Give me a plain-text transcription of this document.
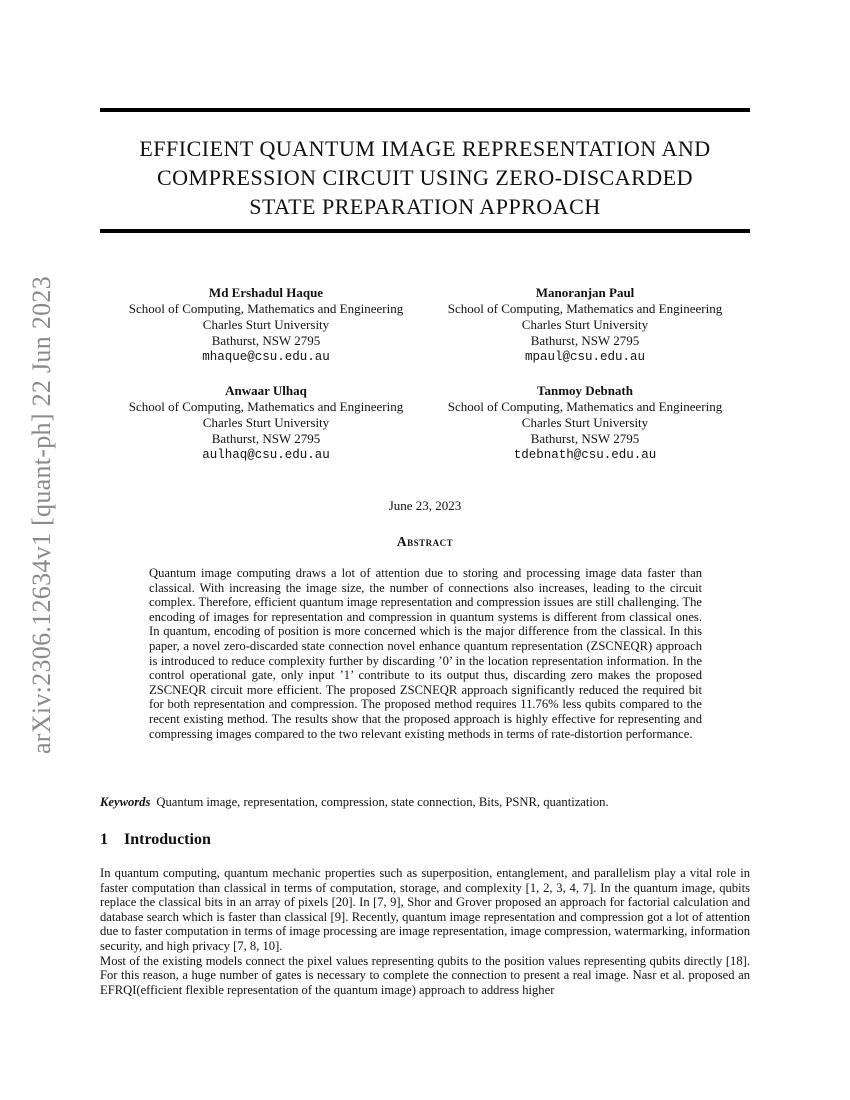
arXiv:2306.12634v1 [quant-ph] 22 Jun 2023
EFFICIENT QUANTUM IMAGE REPRESENTATION AND
COMPRESSION CIRCUIT USING ZERO-DISCARDED
STATE PREPARATION APPROACH
Md Ershadul Haque
School of Computing, Mathematics and Engineering
Charles Sturt University
Bathurst, NSW 2795
mhaque@csu.edu.au
Manoranjan Paul
School of Computing, Mathematics and Engineering
Charles Sturt University
Bathurst, NSW 2795
mpaul@csu.edu.au
Anwaar Ulhaq
School of Computing, Mathematics and Engineering
Charles Sturt University
Bathurst, NSW 2795
aulhaq@csu.edu.au
Tanmoy Debnath
School of Computing, Mathematics and Engineering
Charles Sturt University
Bathurst, NSW 2795
tdebnath@csu.edu.au
June 23, 2023
Abstract
Quantum image computing draws a lot of attention due to storing and processing image data faster than classical. With increasing the image size, the number of connections also increases, leading to the circuit complex. Therefore, efficient quantum image representation and compression issues are still challenging. The encoding of images for representation and compression in quantum systems is different from classical ones. In quantum, encoding of position is more concerned which is the major difference from the classical. In this paper, a novel zero-discarded state connection novel enhance quantum representation (ZSCNEQR) approach is introduced to reduce complexity further by discarding ’0’ in the location representation information. In the control operational gate, only input ’1’ contribute to its output thus, discarding zero makes the proposed ZSCNEQR circuit more efficient. The proposed ZSCNEQR approach significantly reduced the required bit for both representation and compression. The proposed method requires 11.76% less qubits compared to the recent existing method. The results show that the proposed approach is highly effective for representing and compressing images compared to the two relevant existing methods in terms of rate-distortion performance.
Keywords Quantum image, representation, compression, state connection, Bits, PSNR, quantization.
1 Introduction

In quantum computing, quantum mechanic properties such as superposition, entanglement, and parallelism play a vital role in faster computation than classical in terms of computation, storage, and complexity [1, 2, 3, 4, 7]. In the quantum image, qubits replace the classical bits in an array of pixels [20]. In [7, 9], Shor and Grover proposed an approach for factorial calculation and database search which is faster than classical [9]. Recently, quantum image representation and compression got a lot of attention due to faster computation in terms of image processing are image representation, image compression, watermarking, information security, and high privacy [7, 8, 10].

Most of the existing models connect the pixel values representing qubits to the position values representing qubits directly [18]. For this reason, a huge number of gates is necessary to complete the connection to present a real image. Nasr et al. proposed an EFRQI(efficient flexible representation of the quantum image) approach to address higher
